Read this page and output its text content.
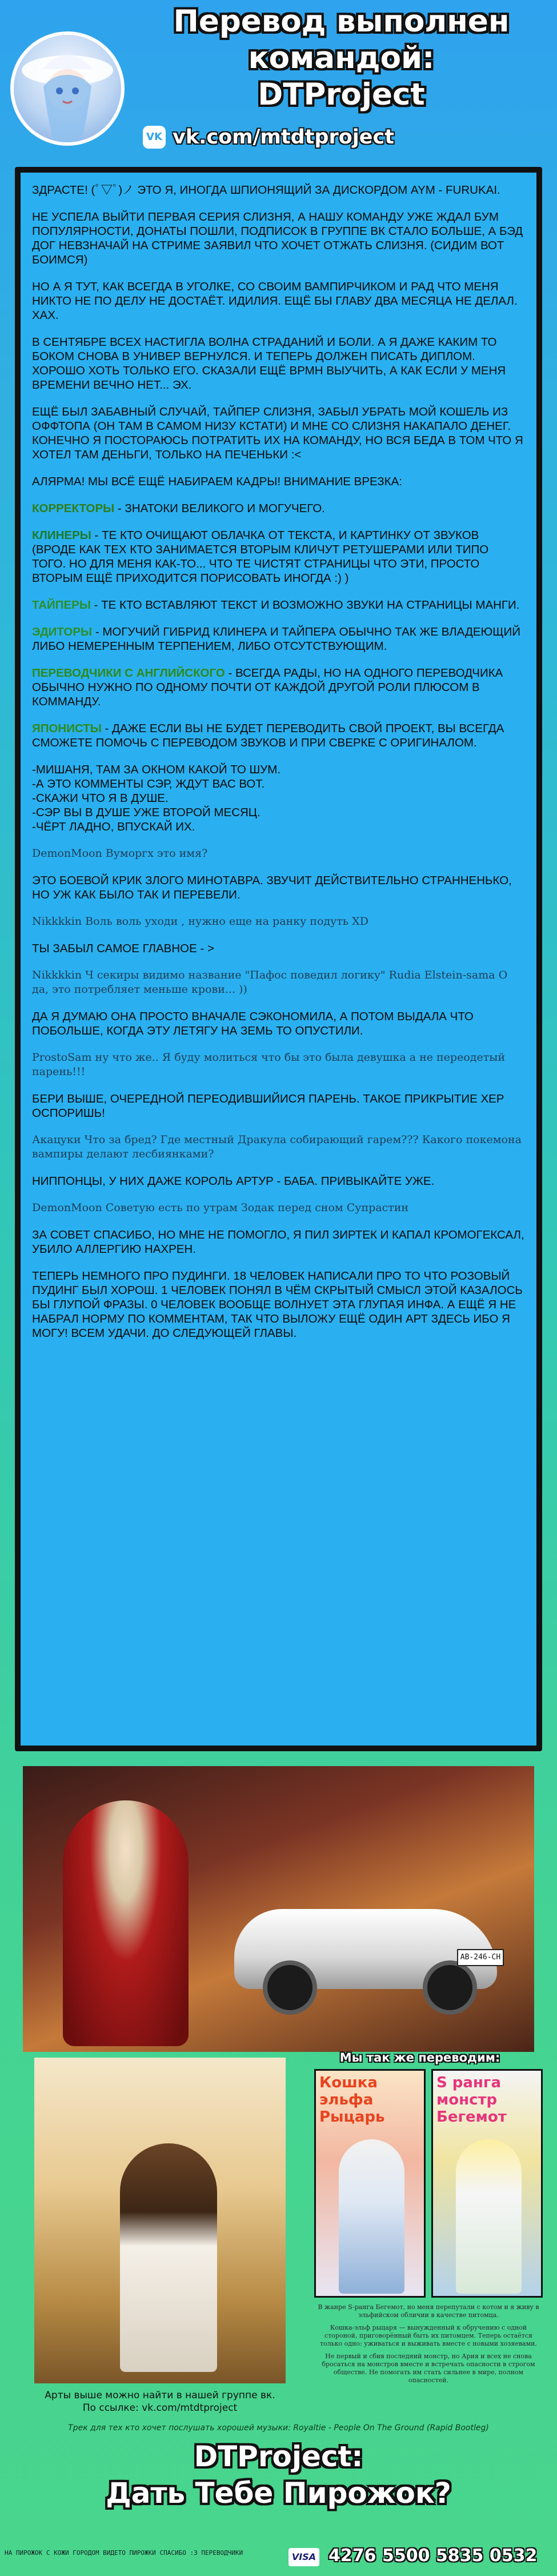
Перевод выполнен
командой:
DTProject
VK vk.com/mtdtproject

ЗДРАСТЕ! (ﾟ▽ﾟ)ノ ЭТО Я, ИНОГДА ШПИОНЯЩИЙ ЗА ДИСКОРДОМ AYM - FURUKAI.

НЕ УСПЕЛА ВЫЙТИ ПЕРВАЯ СЕРИЯ СЛИЗНЯ, А НАШУ КОМАНДУ УЖЕ ЖДАЛ БУМ ПОПУЛЯРНОСТИ, ДОНАТЫ ПОШЛИ, ПОДПИСОК В ГРУППЕ ВК СТАЛО БОЛЬШЕ, А БЭД ДОГ НЕВЗНАЧАЙ НА СТРИМЕ ЗАЯВИЛ ЧТО ХОЧЕТ ОТЖАТЬ СЛИЗНЯ. (СИДИМ ВОТ БОИМСЯ)

НО А Я ТУТ, КАК ВСЕГДА В УГОЛКЕ, СО СВОИМ ВАМПИРЧИКОМ И РАД ЧТО МЕНЯ НИКТО НЕ ПО ДЕЛУ НЕ ДОСТАЁТ. ИДИЛИЯ. ЕЩЁ БЫ ГЛАВУ ДВА МЕСЯЦА НЕ ДЕЛАЛ. ХАХ.

В СЕНТЯБРЕ ВСЕХ НАСТИГЛА ВОЛНА СТРАДАНИЙ И БОЛИ. А Я ДАЖЕ КАКИМ ТО БОКОМ СНОВА В УНИВЕР ВЕРНУЛСЯ. И ТЕПЕРЬ ДОЛЖЕН ПИСАТЬ ДИПЛОМ. ХОРОШО ХОТЬ ТОЛЬКО ЕГО. СКАЗАЛИ ЕЩЁ ВРМН ВЫУЧИТЬ, А КАК ЕСЛИ У МЕНЯ ВРЕМЕНИ ВЕЧНО НЕТ... ЭХ.

ЕЩЁ БЫЛ ЗАБАВНЫЙ СЛУЧАЙ, ТАЙПЕР СЛИЗНЯ, ЗАБЫЛ УБРАТЬ МОЙ КОШЕЛЬ ИЗ ОФФТОПА (ОН ТАМ В САМОМ НИЗУ КСТАТИ) И МНЕ СО СЛИЗНЯ НАКАПАЛО ДЕНЕГ. КОНЕЧНО Я ПОСТОРАЮСЬ ПОТРАТИТЬ ИХ НА КОМАНДУ, НО ВСЯ БЕДА В ТОМ ЧТО Я ХОТЕЛ ТАМ ДЕНЬГИ, ТОЛЬКО НА ПЕЧЕНЬКИ :<

АЛЯРМА! МЫ ВСЁ ЕЩЁ НАБИРАЕМ КАДРЫ! ВНИМАНИЕ ВРЕЗКА:

КОРРЕКТОРЫ - ЗНАТОКИ ВЕЛИКОГО И МОГУЧЕГО.

КЛИНЕРЫ - ТЕ КТО ОЧИЩАЮТ ОБЛАЧКА ОТ ТЕКСТА, И КАРТИНКУ ОТ ЗВУКОВ (ВРОДЕ КАК ТЕХ КТО ЗАНИМАЕТСЯ ВТОРЫМ КЛИЧУТ РЕТУШЕРАМИ ИЛИ ТИПО ТОГО. НО ДЛЯ МЕНЯ КАК-ТО... ЧТО ТЕ ЧИСТЯТ СТРАНИЦЫ ЧТО ЭТИ, ПРОСТО ВТОРЫМ ЕЩЁ ПРИХОДИТСЯ ПОРИСОВАТЬ ИНОГДА :) )

ТАЙПЕРЫ - ТЕ КТО ВСТАВЛЯЮТ ТЕКСТ И ВОЗМОЖНО ЗВУКИ НА СТРАНИЦЫ МАНГИ.

ЭДИТОРЫ - МОГУЧИЙ ГИБРИД КЛИНЕРА И ТАЙПЕРА ОБЫЧНО ТАК ЖЕ ВЛАДЕЮЩИЙ ЛИБО НЕМЕРЕННЫМ ТЕРПЕНИЕМ, ЛИБО ОТСУТСТВУЮЩИМ.

ПЕРЕВОДЧИКИ С АНГЛИЙСКОГО - ВСЕГДА РАДЫ, НО НА ОДНОГО ПЕРЕВОДЧИКА ОБЫЧНО НУЖНО ПО ОДНОМУ ПОЧТИ ОТ КАЖДОЙ ДРУГОЙ РОЛИ ПЛЮСОМ В КОММАНДУ.

ЯПОНИСТЫ - ДАЖЕ ЕСЛИ ВЫ НЕ БУДЕТ ПЕРЕВОДИТЬ СВОЙ ПРОЕКТ, ВЫ ВСЕГДА СМОЖЕТЕ ПОМОЧЬ С ПЕРЕВОДОМ ЗВУКОВ И ПРИ СВЕРКЕ С ОРИГИНАЛОМ.

-МИШАНЯ, ТАМ ЗА ОКНОМ КАКОЙ ТО ШУМ.
-А ЭТО КОММЕНТЫ СЭР, ЖДУТ ВАС ВОТ.
-СКАЖИ ЧТО Я В ДУШЕ.
-СЭР ВЫ В ДУШЕ УЖЕ ВТОРОЙ МЕСЯЦ.
-ЧЁРТ ЛАДНО, ВПУСКАЙ ИХ.

DemonMoon Вуморгх это имя?

ЭТО БОЕВОЙ КРИК ЗЛОГО МИНОТАВРА. ЗВУЧИТ ДЕЙСТВИТЕЛЬНО СТРАННЕНЬКО, НО УЖ КАК БЫЛО ТАК И ПЕРЕВЕЛИ.

Nikkkkin Воль воль уходи , нужно еще на ранку подуть XD

ТЫ ЗАБЫЛ САМОЕ ГЛАВНОЕ - >

Nikkkkin Ч секиры видимо название "Пафос поведил логику" Rudia Elstein-sama О да, это потребляет меньше крови... ))

ДА Я ДУМАЮ ОНА ПРОСТО ВНАЧАЛЕ СЭКОНОМИЛА, А ПОТОМ ВЫДАЛА ЧТО ПОБОЛЬШЕ, КОГДА ЭТУ ЛЕТЯГУ НА ЗЕМЬ ТО ОПУСТИЛИ.

ProstoSam ну что же.. Я буду молиться что бы это была девушка а не переодетый парень!!!

БЕРИ ВЫШЕ, ОЧЕРЕДНОЙ ПЕРЕОДИВШИЙИСЯ ПАРЕНЬ. ТАКОЕ ПРИКРЫТИЕ ХЕР ОСПОРИШЬ!

Акацуки Что за бред? Где местный Дракула собирающий гарем??? Какого покемона вампиры делают лесбиянками?

НИППОНЦЫ, У НИХ ДАЖЕ КОРОЛЬ АРТУР - БАБА. ПРИВЫКАЙТЕ УЖЕ.

DemonMoon Советую есть по утрам Зодак перед сном Супрастин

ЗА СОВЕТ СПАСИБО, НО МНЕ НЕ ПОМОГЛО, Я ПИЛ ЗИРТЕК И КАПАЛ КРОМОГЕКСАЛ, УБИЛО АЛЛЕРГИЮ НАХРЕН.

ТЕПЕРЬ НЕМНОГО ПРО ПУДИНГИ. 18 ЧЕЛОВЕК НАПИСАЛИ ПРО ТО ЧТО РОЗОВЫЙ ПУДИНГ БЫЛ ХОРОШ. 1 ЧЕЛОВЕК ПОНЯЛ В ЧЁМ СКРЫТЫЙ СМЫСЛ ЭТОЙ КАЗАЛОСЬ БЫ ГЛУПОЙ ФРАЗЫ. 0 ЧЕЛОВЕК ВООБЩЕ ВОЛНУЕТ ЭТА ГЛУПАЯ ИНФА. А ЕЩЁ Я НЕ НАБРАЛ НОРМУ ПО КОММЕНТАМ, ТАК ЧТО ВЫЛОЖУ ЕЩЁ ОДИН АРТ ЗДЕСЬ ИБО Я МОГУ! ВСЕМ УДАЧИ. ДО СЛЕДУЮЩЕЙ ГЛАВЫ.

AB-246-CH
Арты выше можно найти в нашей группе вк.
По ссылке: vk.com/mtdtproject
Мы так же переводим:
Кошка эльфа Рыцарь
S ранга монстр Бегемот

В жанре S-ранга Бегемот, но меня перепутали с котом и я живу в эльфийском обличии в качестве питомца.

Кошка-эльф рыцаря — вынужденный к обручению с одной стороной, приговорённый быть их питомцем. Теперь остаётся только одно: уживаться и выживать вместе с новыми хозяевами.

Не первый и сбив последний монстр, но Ария и всех не снова бросаться на монстров вместе и встречать опасности в строгом обществе. Не помогать им стать сильнее в мире, полном опасностей.

Трек для тех кто хочет послушать хорошей музыки: Royaltie - People On The Ground (Rapid Bootleg)
DTProject:
Дать Тебе Пирожок?
НА ПИРОЖОК С КОЖИ ГОРОДОМ ВИДЕТО ПИРОЖКИ СПАСИБО :3 ПЕРЕВОДЧИКИ	VISA 4276 5500 5835 0532
